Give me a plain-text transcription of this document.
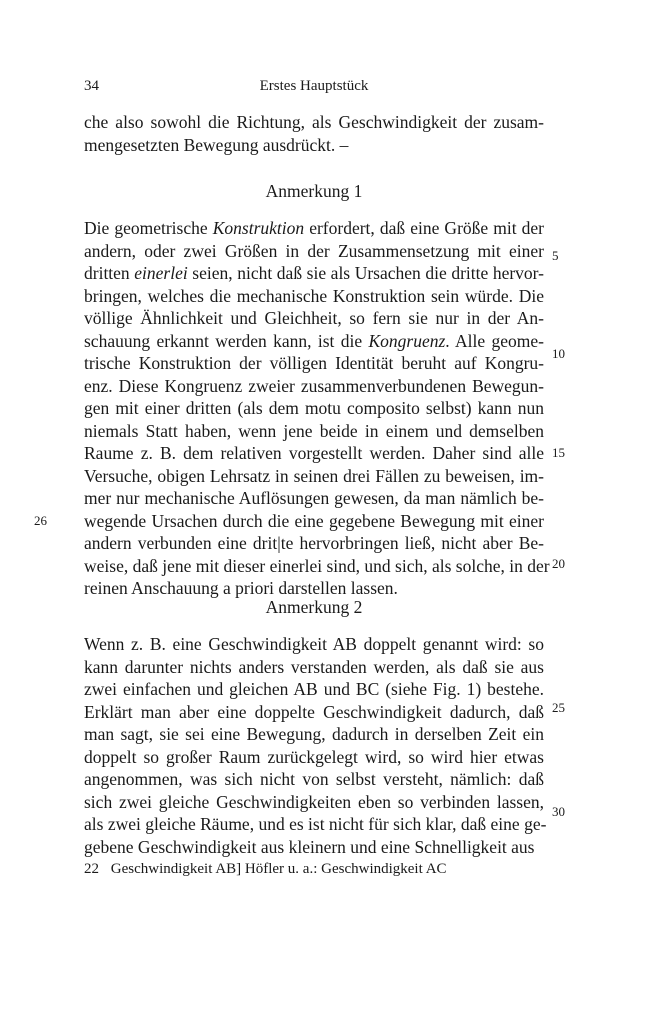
34	Erstes Hauptstück
che also sowohl die Richtung, als Geschwindigkeit der zusam-
mengesetzten Bewegung ausdrückt. –
Anmerkung 1
Die geometrische Konstruktion erfordert, daß eine Größe mit der
andern, oder zwei Größen in der Zusammensetzung mit einer
dritten einerlei seien, nicht daß sie als Ursachen die dritte hervor-
bringen, welches die mechanische Konstruktion sein würde. Die
völlige Ähnlichkeit und Gleichheit, so fern sie nur in der An-
schauung erkannt werden kann, ist die Kongruenz. Alle geome-
trische Konstruktion der völligen Identität beruht auf Kongru-
enz. Diese Kongruenz zweier zusammenverbundenen Bewegun-
gen mit einer dritten (als dem motu composito selbst) kann nun
niemals Statt haben, wenn jene beide in einem und demselben
Raume z. B. dem relativen vorgestellt werden. Daher sind alle
Versuche, obigen Lehrsatz in seinen drei Fällen zu beweisen, im-
mer nur mechanische Auflösungen gewesen, da man nämlich be-
wegende Ursachen durch die eine gegebene Bewegung mit einer
andern verbunden eine drit|te hervorbringen ließ, nicht aber Be-
weise, daß jene mit dieser einerlei sind, und sich, als solche, in der
reinen Anschauung a priori darstellen lassen.
Anmerkung 2
Wenn z. B. eine Geschwindigkeit AB doppelt genannt wird: so
kann darunter nichts anders verstanden werden, als daß sie aus
zwei einfachen und gleichen AB und BC (siehe Fig. 1) bestehe.
Erklärt man aber eine doppelte Geschwindigkeit dadurch, daß
man sagt, sie sei eine Bewegung, dadurch in derselben Zeit ein
doppelt so großer Raum zurückgelegt wird, so wird hier etwas
angenommen, was sich nicht von selbst versteht, nämlich: daß
sich zwei gleiche Geschwindigkeiten eben so verbinden lassen,
als zwei gleiche Räume, und es ist nicht für sich klar, daß eine ge-
gebene Geschwindigkeit aus kleinern und eine Schnelligkeit aus
5
10
15
20
25
30
26
22 Geschwindigkeit AB] Höfler u. a.: Geschwindigkeit AC
